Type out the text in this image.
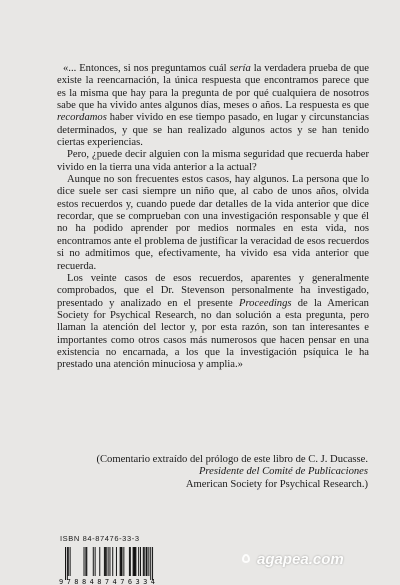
«... Entonces, si nos preguntamos cuál sería la verdadera prueba de que existe la reencarnación, la única respuesta que encontramos parece que es la misma que hay para la pregunta de por qué cualquiera de nosotros sabe que ha vivido antes algunos días, meses o años. La respuesta es que recordamos haber vivido en ese tiempo pasado, en lugar y circunstancias determinados, y que se han realizado algunos actos y se han tenido ciertas experiencias.

Pero, ¿puede decir alguien con la misma seguridad que recuerda haber vivido en la tierra una vida anterior a la actual?

Aunque no son frecuentes estos casos, hay algunos. La persona que lo dice suele ser casi siempre un niño que, al cabo de unos años, olvida estos recuerdos y, cuando puede dar detalles de la vida anterior que dice recordar, que se comprueban con una investigación responsable y que él no ha podido aprender por medios normales en esta vida, nos encontramos ante el problema de justificar la veracidad de esos recuerdos si no admitimos que, efectivamente, ha vivido esa vida anterior que recuerda.

Los veinte casos de esos recuerdos, aparentes y generalmente comprobados, que el Dr. Stevenson personalmente ha investigado, presentado y analizado en el presente Proceedings de la American Society for Psychical Research, no dan solución a esta pregunta, pero llaman la atención del lector y, por esta razón, son tan interesantes e importantes como otros casos más numerosos que hacen pensar en una existencia no encarnada, a los que la investigación psíquica le ha prestado una atención minuciosa y amplia.»

(Comentario extraído del prólogo de este libro de C. J. Ducasse.
Presidente del Comité de Publicaciones
American Society for Psychical Research.)
ISBN 84-87476-33-3
9788487476334
agapea.com
